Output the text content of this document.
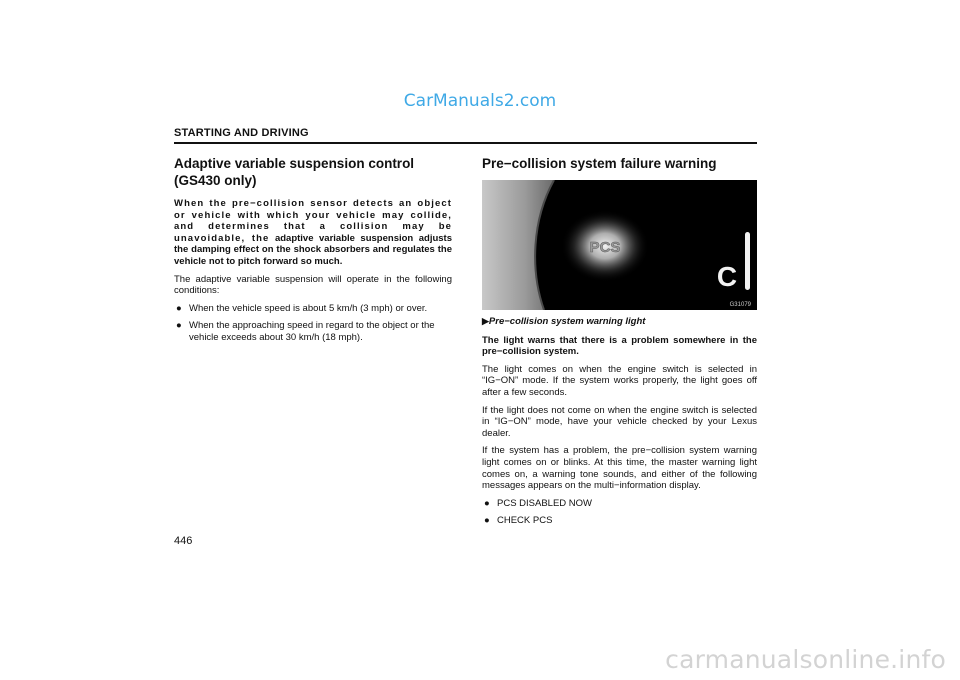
CarManuals2.com
STARTING AND DRIVING
Adaptive variable suspension control (GS430 only)

When the pre−collision sensor detects an object or vehicle with which your vehicle may collide, and determines that a collision may be unavoidable, the adaptive variable suspension adjusts the damping effect on the shock absorbers and regulates the vehicle not to pitch forward so much.

The adaptive variable suspension will operate in the following conditions:

● When the vehicle speed is about 5 km/h (3 mph) or over.
● When the approaching speed in regard to the object or the vehicle exceeds about 30 km/h (18 mph).
Pre−collision system failure warning
PCS
C
G31079

▶Pre−collision system warning light

The light warns that there is a problem somewhere in the pre−collision system.

The light comes on when the engine switch is selected in “IG−ON” mode. If the system works properly, the light goes off after a few seconds.

If the light does not come on when the engine switch is selected in “IG−ON” mode, have your vehicle checked by your Lexus dealer.

If the system has a problem, the pre−collision system warning light comes on or blinks. At this time, the master warning light comes on, a warning tone sounds, and either of the following messages appears on the multi−information display.

● PCS DISABLED NOW
● CHECK PCS
446
carmanualsonline.info
